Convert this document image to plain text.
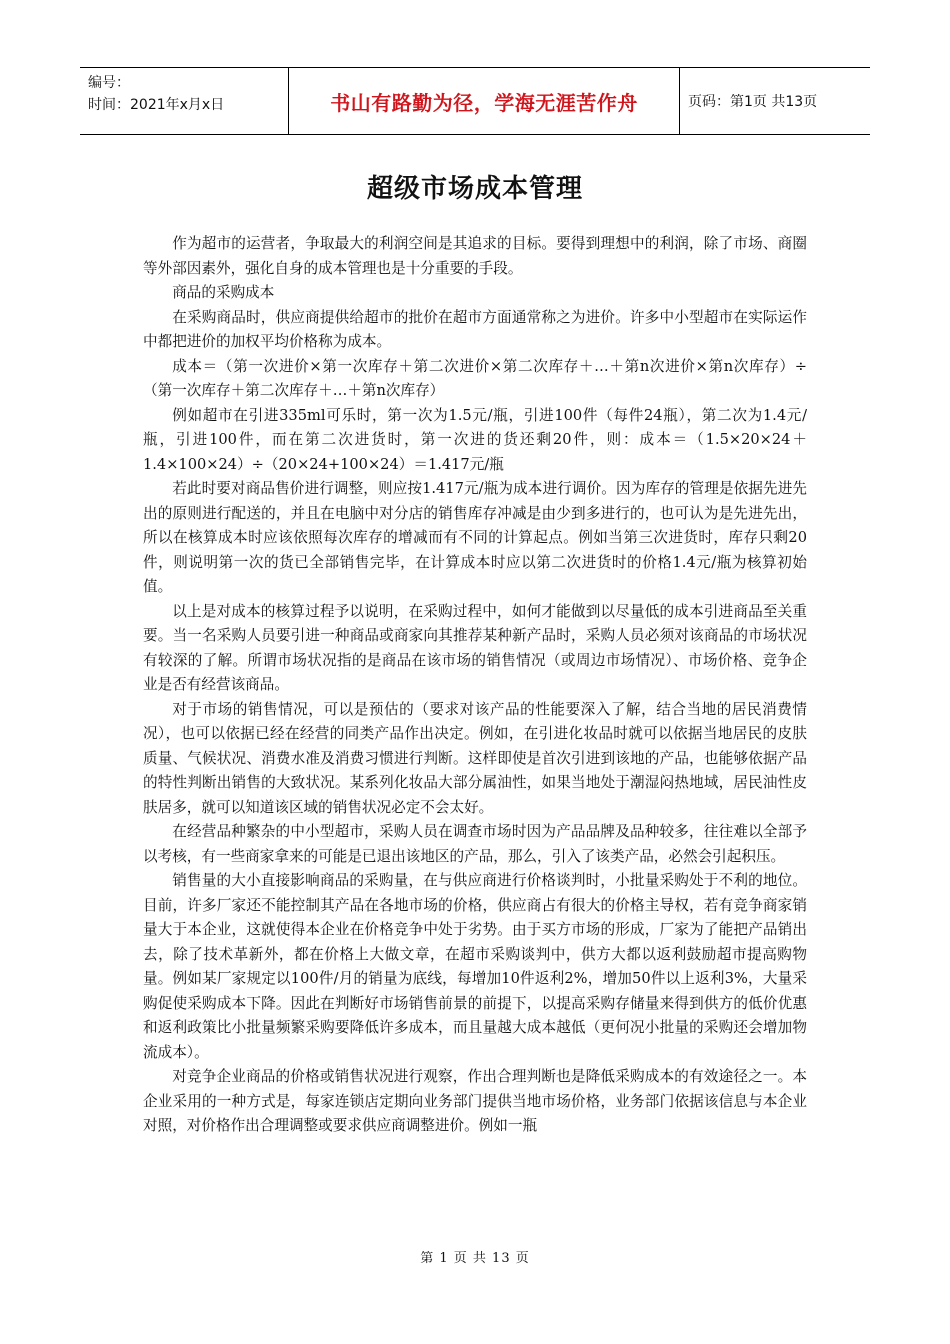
编号：
时间：2021年x月x日	书山有路勤为径，学海无涯苦作舟	页码：第1页 共13页
超级市场成本管理

作为超市的运营者，争取最大的利润空间是其追求的目标。要得到理想中的利润，除了市场、商圈等外部因素外，强化自身的成本管理也是十分重要的手段。

商品的采购成本

在采购商品时，供应商提供给超市的批价在超市方面通常称之为进价。许多中小型超市在实际运作中都把进价的加权平均价格称为成本。

成本＝（第一次进价×第一次库存＋第二次进价×第二次库存＋…＋第n次进价×第n次库存）÷（第一次库存＋第二次库存＋…＋第n次库存）

例如超市在引进335ml可乐时，第一次为1.5元/瓶，引进100件（每件24瓶），第二次为1.4元/瓶，引进100件，而在第二次进货时，第一次进的货还剩20件，则：成本＝（1.5×20×24＋1.4×100×24）÷（20×24+100×24）＝1.417元/瓶

若此时要对商品售价进行调整，则应按1.417元/瓶为成本进行调价。因为库存的管理是依据先进先出的原则进行配送的，并且在电脑中对分店的销售库存冲减是由少到多进行的，也可认为是先进先出，所以在核算成本时应该依照每次库存的增减而有不同的计算起点。例如当第三次进货时，库存只剩20件，则说明第一次的货已全部销售完毕，在计算成本时应以第二次进货时的价格1.4元/瓶为核算初始值。

以上是对成本的核算过程予以说明，在采购过程中，如何才能做到以尽量低的成本引进商品至关重要。当一名采购人员要引进一种商品或商家向其推荐某种新产品时，采购人员必须对该商品的市场状况有较深的了解。所谓市场状况指的是商品在该市场的销售情况（或周边市场情况）、市场价格、竞争企业是否有经营该商品。

对于市场的销售情况，可以是预估的（要求对该产品的性能要深入了解，结合当地的居民消费情况），也可以依据已经在经营的同类产品作出决定。例如，在引进化妆品时就可以依据当地居民的皮肤质量、气候状况、消费水准及消费习惯进行判断。这样即使是首次引进到该地的产品，也能够依据产品的特性判断出销售的大致状况。某系列化妆品大部分属油性，如果当地处于潮湿闷热地域，居民油性皮肤居多，就可以知道该区域的销售状况必定不会太好。

在经营品种繁杂的中小型超市，采购人员在调查市场时因为产品品牌及品种较多，往往难以全部予以考核，有一些商家拿来的可能是已退出该地区的产品，那么，引入了该类产品，必然会引起积压。

销售量的大小直接影响商品的采购量，在与供应商进行价格谈判时，小批量采购处于不利的地位。目前，许多厂家还不能控制其产品在各地市场的价格，供应商占有很大的价格主导权，若有竞争商家销量大于本企业，这就使得本企业在价格竞争中处于劣势。由于买方市场的形成，厂家为了能把产品销出去，除了技术革新外，都在价格上大做文章，在超市采购谈判中，供方大都以返利鼓励超市提高购物量。例如某厂家规定以100件/月的销量为底线，每增加10件返利2%，增加50件以上返利3%，大量采购促使采购成本下降。因此在判断好市场销售前景的前提下，以提高采购存储量来得到供方的低价优惠和返利政策比小批量频繁采购要降低许多成本，而且量越大成本越低（更何况小批量的采购还会增加物流成本）。

对竞争企业商品的价格或销售状况进行观察，作出合理判断也是降低采购成本的有效途径之一。本企业采用的一种方式是，每家连锁店定期向业务部门提供当地市场价格，业务部门依据该信息与本企业对照，对价格作出合理调整或要求供应商调整进价。例如一瓶

第 1 页 共 13 页
